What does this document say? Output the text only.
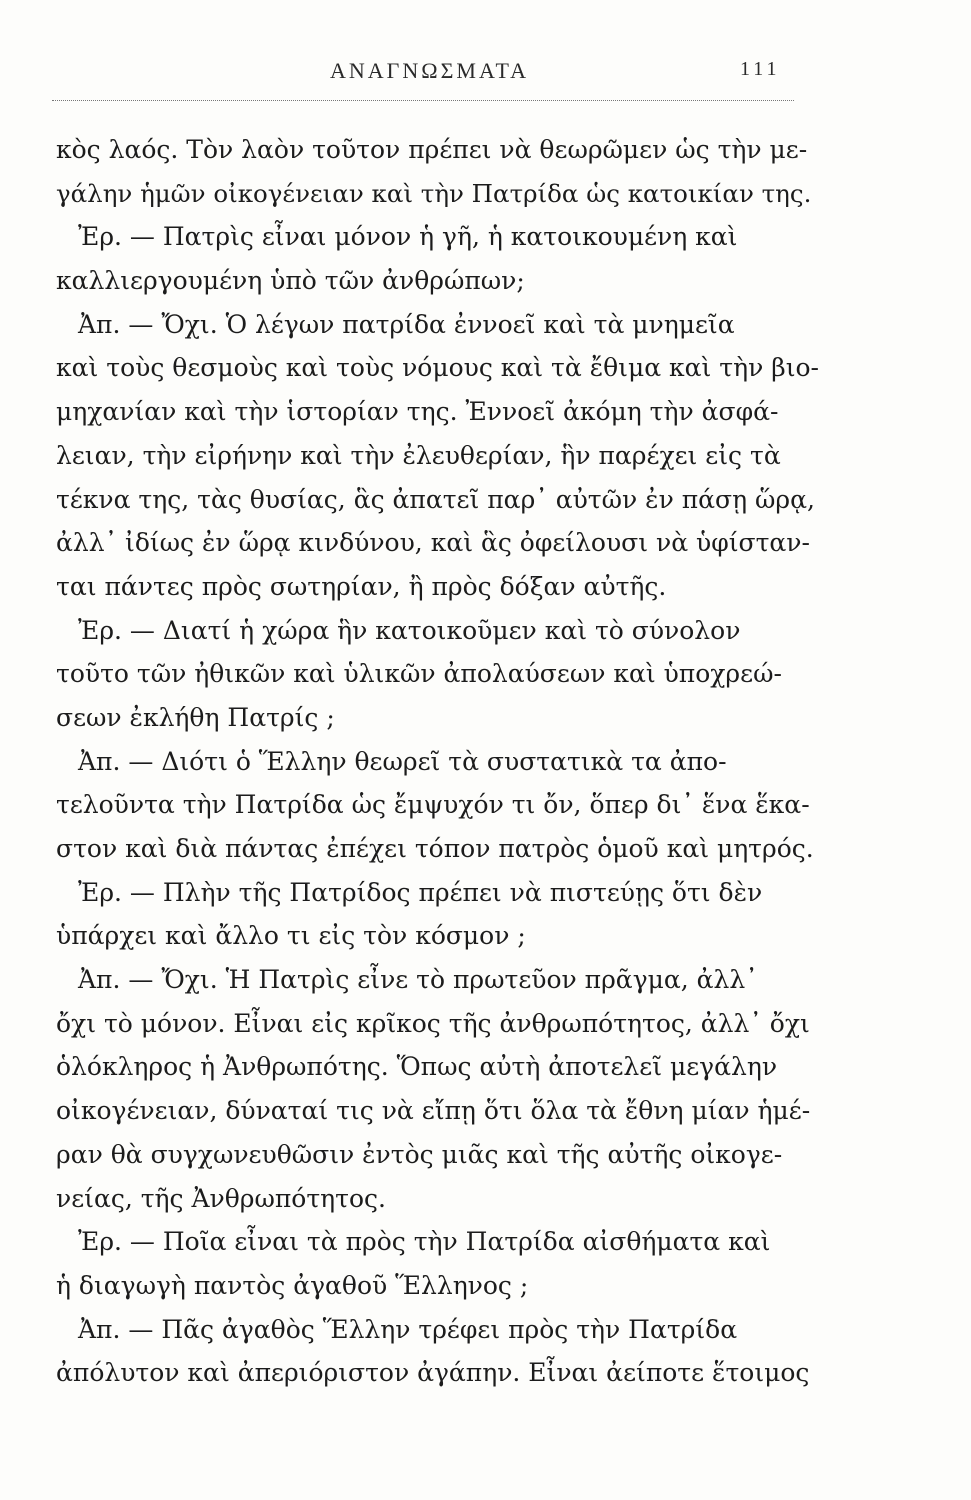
ΑΝΑΓΝΩΣΜΑΤΑ	111
κὸς λαός. Τὸν λαὸν τοῦτον πρέπει νὰ θεωρῶμεν ὡς τὴν με-
γάλην ἡμῶν οἰκογένειαν καὶ τὴν Πατρίδα ὡς κατοικίαν της.
Ἐρ. — Πατρὶς εἶναι μόνον ἡ γῆ, ἡ κατοικουμένη καὶ
καλλιεργουμένη ὑπὸ τῶν ἀνθρώπων;
Ἀπ. — Ὄχι. Ὁ λέγων πατρίδα ἐννοεῖ καὶ τὰ μνημεῖα
καὶ τοὺς θεσμοὺς καὶ τοὺς νόμους καὶ τὰ ἔθιμα καὶ τὴν βιο-
μηχανίαν καὶ τὴν ἱστορίαν της. Ἐννοεῖ ἀκόμη τὴν ἀσφά-
λειαν, τὴν εἰρήνην καὶ τὴν ἐλευθερίαν, ἣν παρέχει εἰς τὰ
τέκνα της, τὰς θυσίας, ἃς ἀπατεῖ παρ᾽ αὐτῶν ἐν πάσῃ ὥρᾳ,
ἀλλ᾽ ἰδίως ἐν ὥρᾳ κινδύνου, καὶ ἃς ὀφείλουσι νὰ ὑφίσταν-
ται πάντες πρὸς σωτηρίαν, ἢ πρὸς δόξαν αὐτῆς.
Ἐρ. — Διατί ἡ χώρα ἣν κατοικοῦμεν καὶ τὸ σύνολον
τοῦτο τῶν ἠθικῶν καὶ ὑλικῶν ἀπολαύσεων καὶ ὑποχρεώ-
σεων ἐκλήθη Πατρίς ;
Ἀπ. — Διότι ὁ Ἕλλην θεωρεῖ τὰ συστατικὰ τα ἀπο-
τελοῦντα τὴν Πατρίδα ὡς ἔμψυχόν τι ὄν, ὅπερ δι᾽ ἕνα ἕκα-
στον καὶ διὰ πάντας ἐπέχει τόπον πατρὸς ὁμοῦ καὶ μητρός.
Ἐρ. — Πλὴν τῆς Πατρίδος πρέπει νὰ πιστεύῃς ὅτι δὲν
ὑπάρχει καὶ ἄλλο τι εἰς τὸν κόσμον ;
Ἀπ. — Ὄχι. Ἡ Πατρὶς εἶνε τὸ πρωτεῦον πρᾶγμα, ἀλλ᾽
ὄχι τὸ μόνον. Εἶναι εἰς κρῖκος τῆς ἀνθρωπότητος, ἀλλ᾽ ὄχι
ὁλόκληρος ἡ Ἀνθρωπότης. Ὅπως αὐτὴ ἀποτελεῖ μεγάλην
οἰκογένειαν, δύναταί τις νὰ εἴπῃ ὅτι ὅλα τὰ ἔθνη μίαν ἡμέ-
ραν θὰ συγχωνευθῶσιν ἐντὸς μιᾶς καὶ τῆς αὐτῆς οἰκογε-
νείας, τῆς Ἀνθρωπότητος.
Ἐρ. — Ποῖα εἶναι τὰ πρὸς τὴν Πατρίδα αἰσθήματα καὶ
ἡ διαγωγὴ παντὸς ἀγαθοῦ Ἕλληνος ;
Ἀπ. — Πᾶς ἀγαθὸς Ἕλλην τρέφει πρὸς τὴν Πατρίδα
ἀπόλυτον καὶ ἀπεριόριστον ἀγάπην. Εἶναι ἀείποτε ἕτοιμος
